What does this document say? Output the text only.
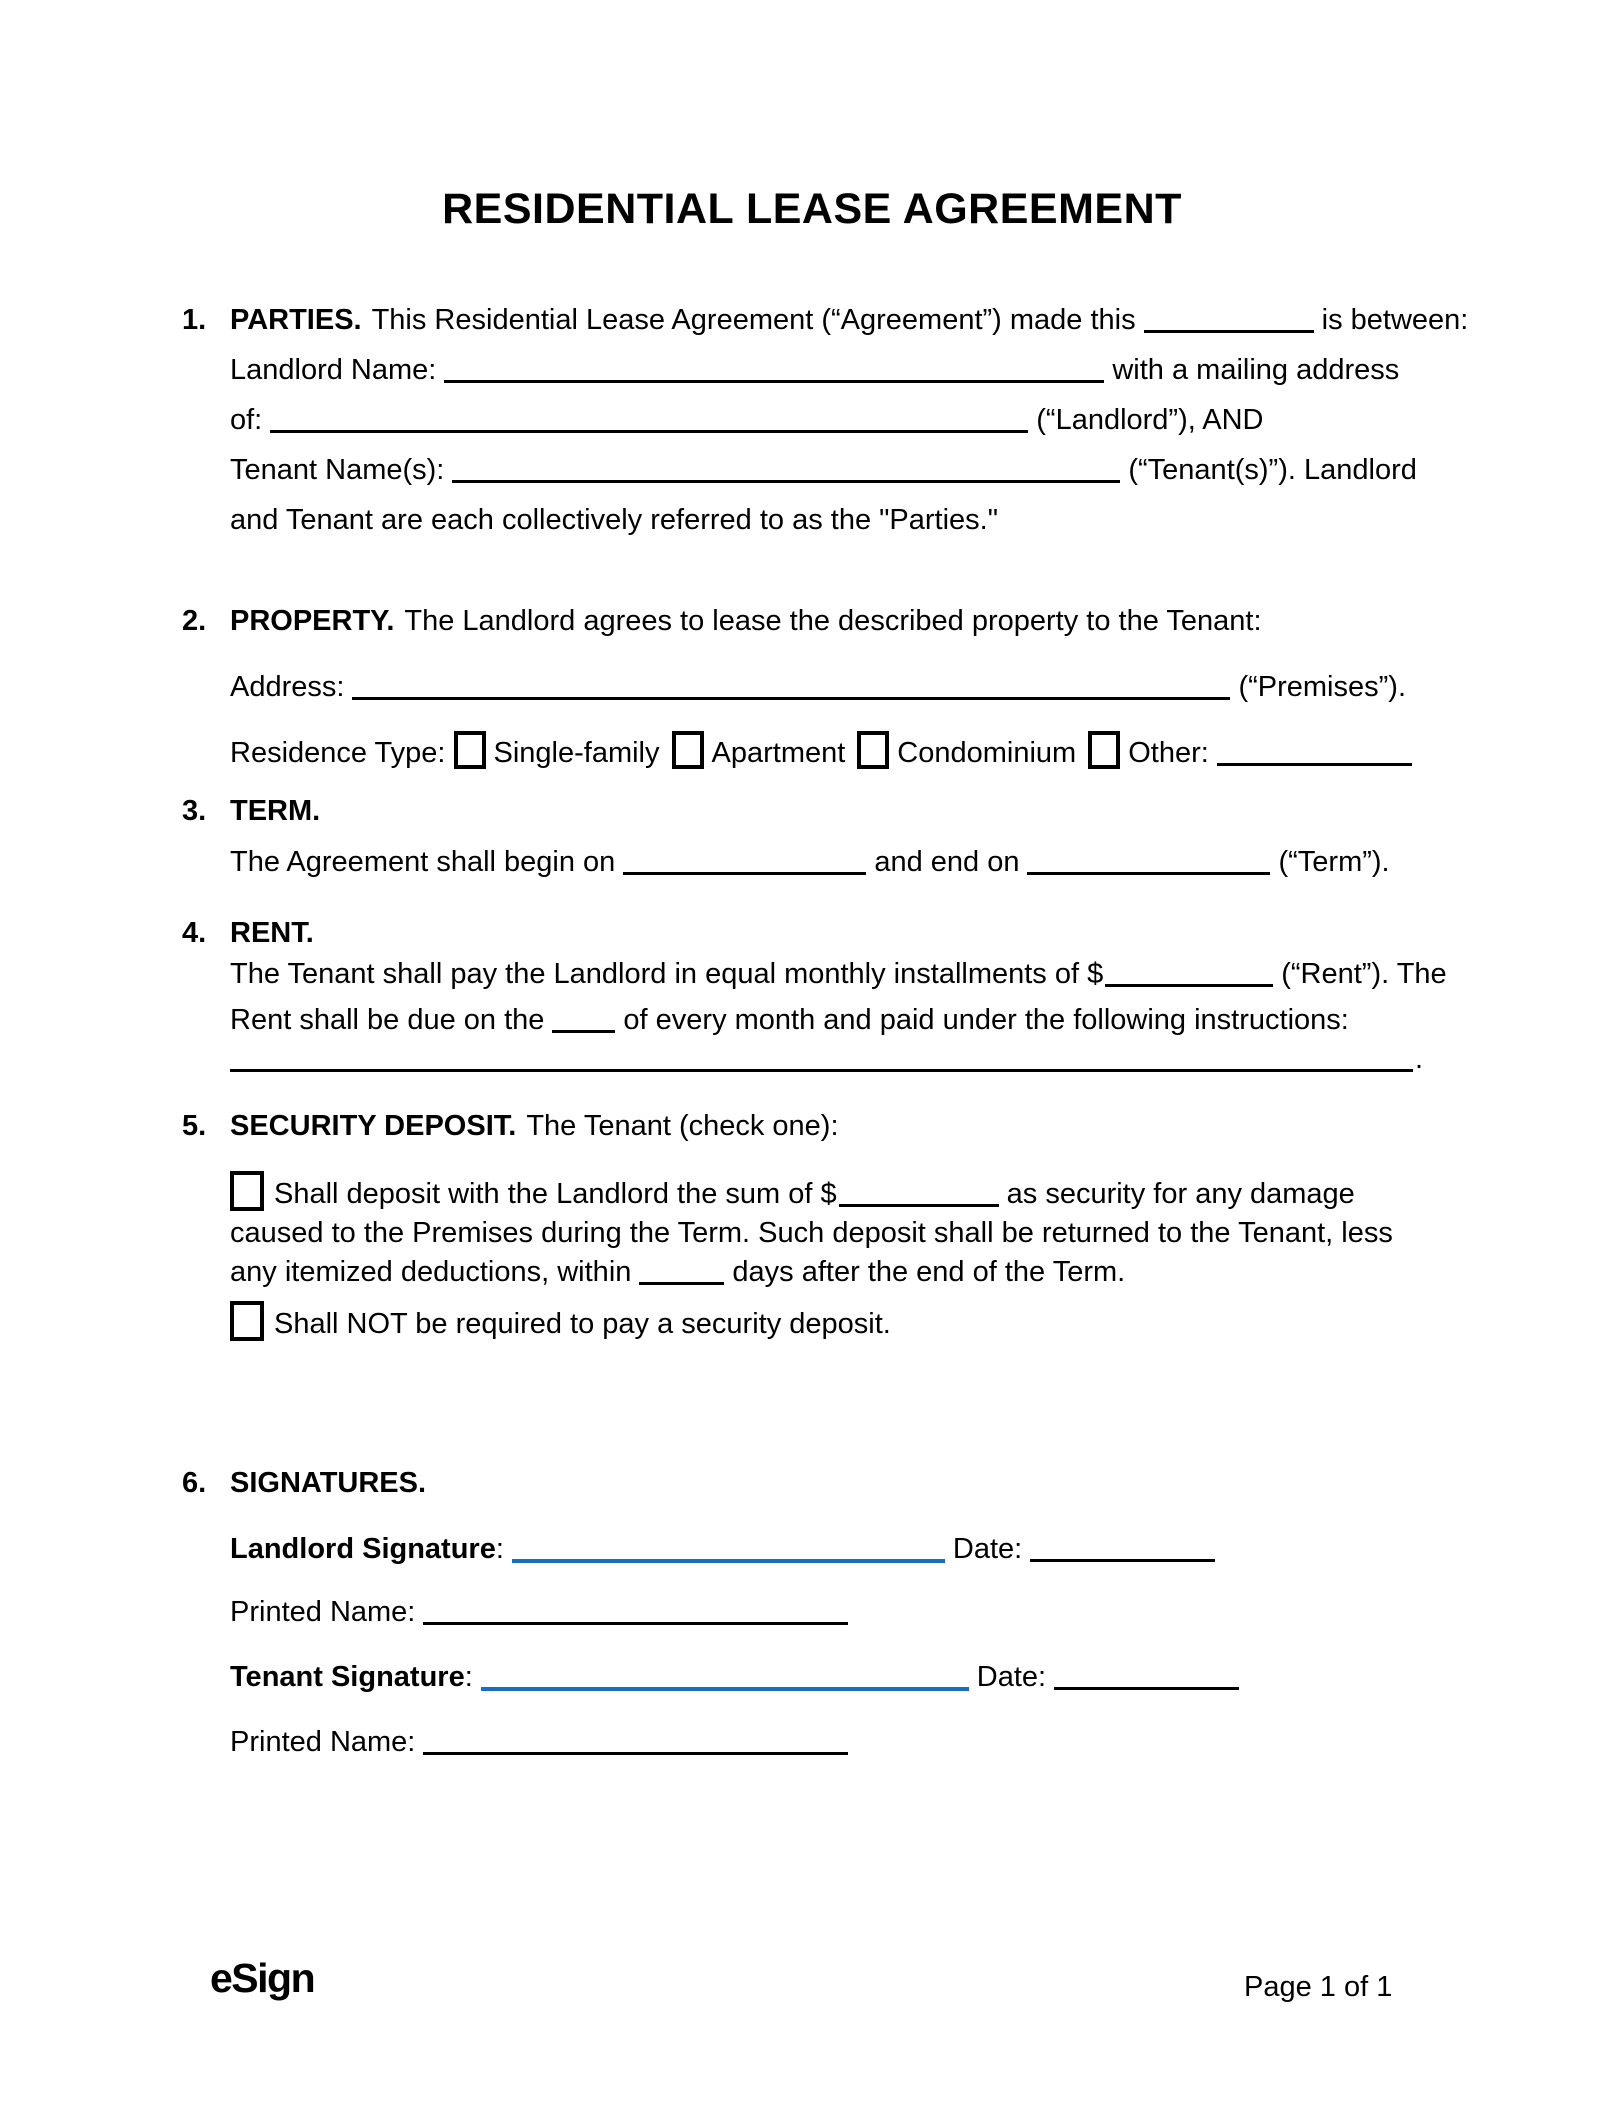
RESIDENTIAL LEASE AGREEMENT
1. PARTIES. This Residential Lease Agreement (“Agreement”) made this	is between:
Landlord Name:	with a mailing address
of:	(“Landlord”), AND
Tenant Name(s):	(“Tenant(s)”). Landlord
and Tenant are each collectively referred to as the "Parties."
2. PROPERTY. The Landlord agrees to lease the described property to the Tenant:
Address:	(“Premises”).
Residence Type: Single-family Apartment Condominium Other:
3. TERM.
The Agreement shall begin on	and end on	(“Term”).
4. RENT.
The Tenant shall pay the Landlord in equal monthly installments of $	(“Rent”). The
Rent shall be due on the	of every month and paid under the following instructions:
.
5. SECURITY DEPOSIT. The Tenant (check one):
Shall deposit with the Landlord the sum of $	as security for any damage caused to the Premises during the Term. Such deposit shall be returned to the Tenant, less any itemized deductions, within	days after the end of the Term.
Shall NOT be required to pay a security deposit.
6. SIGNATURES.
Landlord Signature:	Date:
Printed Name:
Tenant Signature:	Date:
Printed Name:
eSign	Page 1 of 1
